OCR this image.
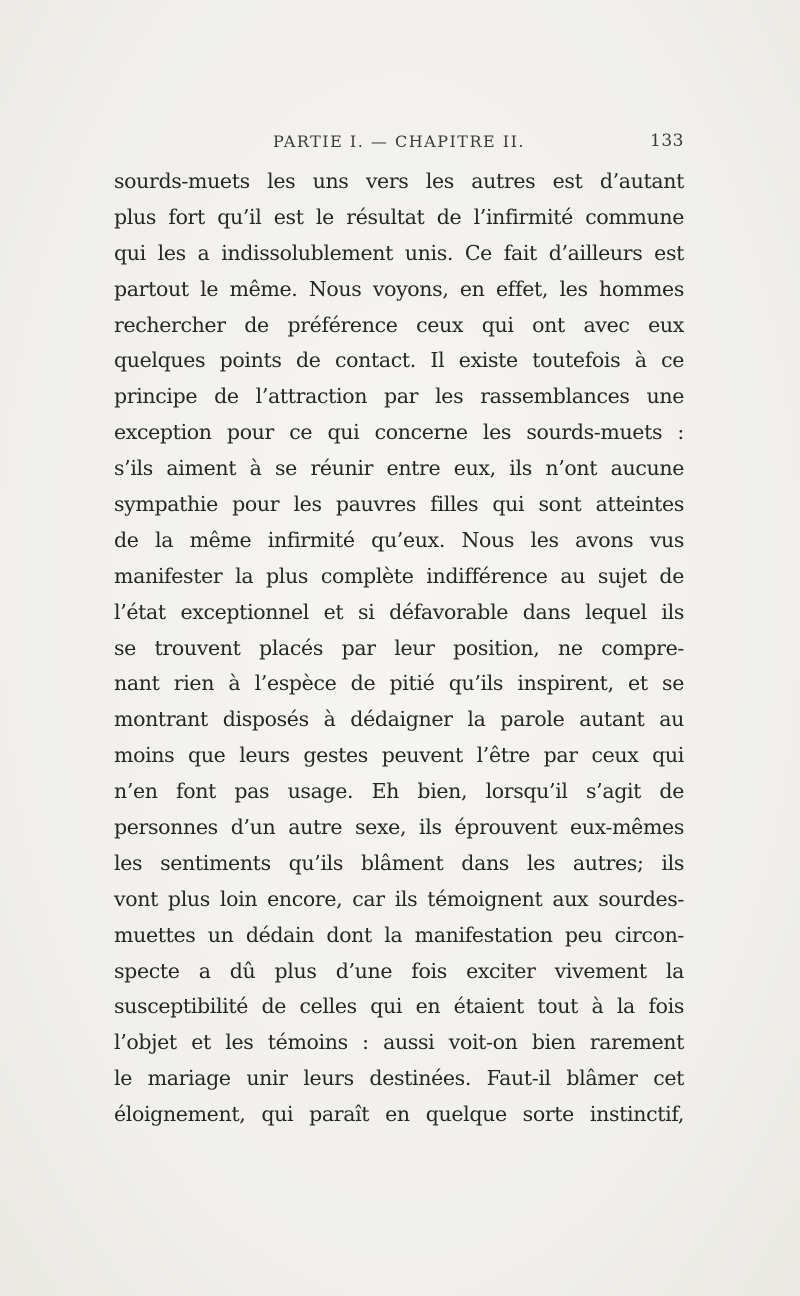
PARTIE I. — CHAPITRE II.	133
sourds-muets les uns vers les autres est d’autant
plus fort qu’il est le résultat de l’infirmité commune
qui les a indissolublement unis. Ce fait d’ailleurs est
partout le même. Nous voyons, en effet, les hommes
rechercher de préférence ceux qui ont avec eux
quelques points de contact. Il existe toutefois à ce
principe de l’attraction par les rassemblances une
exception pour ce qui concerne les sourds-muets :
s’ils aiment à se réunir entre eux, ils n’ont aucune
sympathie pour les pauvres filles qui sont atteintes
de la même infirmité qu’eux. Nous les avons vus
manifester la plus complète indifférence au sujet de
l’état exceptionnel et si défavorable dans lequel ils
se trouvent placés par leur position, ne compre-
nant rien à l’espèce de pitié qu’ils inspirent, et se
montrant disposés à dédaigner la parole autant au
moins que leurs gestes peuvent l’être par ceux qui
n’en font pas usage. Eh bien, lorsqu’il s’agit de
personnes d’un autre sexe, ils éprouvent eux-mêmes
les sentiments qu’ils blâment dans les autres; ils
vont plus loin encore, car ils témoignent aux sourdes-
muettes un dédain dont la manifestation peu circon-
specte a dû plus d’une fois exciter vivement la
susceptibilité de celles qui en étaient tout à la fois
l’objet et les témoins : aussi voit-on bien rarement
le mariage unir leurs destinées. Faut-il blâmer cet
éloignement, qui paraît en quelque sorte instinctif,
